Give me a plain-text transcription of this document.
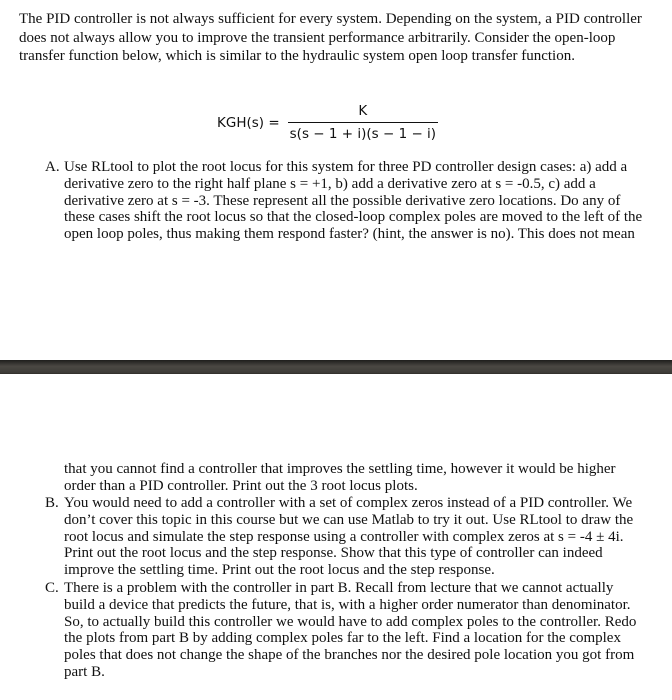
The PID controller is not always sufficient for every system. Depending on the system, a PID controller does not always allow you to improve the transient performance arbitrarily. Consider the open-loop transfer function below, which is similar to the hydraulic system open loop transfer function.
$KGH(s) = \frac{K}{s(s - 1 + i)(s - 1 - i)}$
A. Use RLtool to plot the root locus for this system for three PD controller design cases: a) add a derivative zero to the right half plane s = +1, b) add a derivative zero at s = -0.5, c) add a derivative zero at s = -3. These represent all the possible derivative zero locations. Do any of these cases shift the root locus so that the closed-loop complex poles are moved to the left of the open loop poles, thus making them respond faster? (hint, the answer is no). This does not mean
that you cannot find a controller that improves the settling time, however it would be higher order than a PID controller. Print out the 3 root locus plots.
B. You would need to add a controller with a set of complex zeros instead of a PID controller. We don’t cover this topic in this course but we can use Matlab to try it out. Use RLtool to draw the root locus and simulate the step response using a controller with complex zeros at s = -4 ± 4i. Print out the root locus and the step response. Show that this type of controller can indeed improve the settling time. Print out the root locus and the step response.
C. There is a problem with the controller in part B. Recall from lecture that we cannot actually build a device that predicts the future, that is, with a higher order numerator than denominator. So, to actually build this controller we would have to add complex poles to the controller. Redo the plots from part B by adding complex poles far to the left. Find a location for the complex poles that does not change the shape of the branches nor the desired pole location you got from part B.
